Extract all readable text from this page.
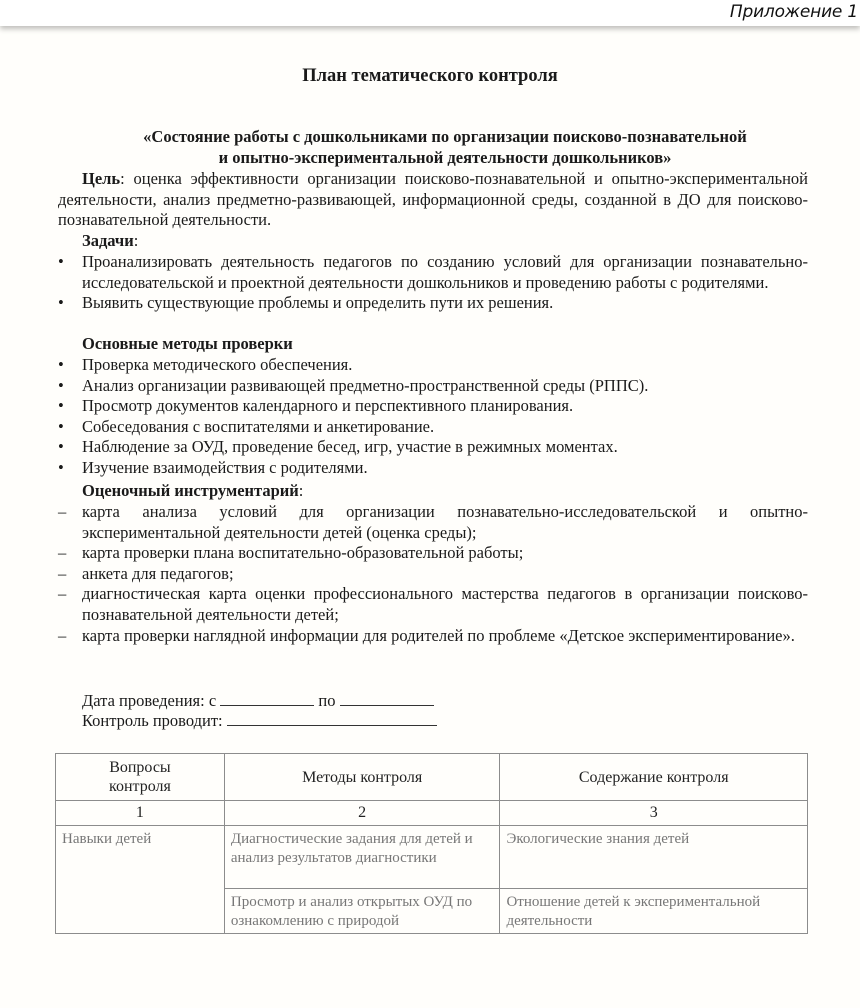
Приложение 1
План тематического контроля
«Состояние работы с дошкольниками по организации поисково-познавательной
и опытно-экспериментальной деятельности дошкольников»
Цель: оценка эффективности организации поисково-познавательной и опытно-экспериментальной деятельности, анализ предметно-развивающей, информационной среды, созданной в ДО для поисково-познавательной деятельности.
Задачи:
• Проанализировать деятельность педагогов по созданию условий для организации познавательно-исследовательской и проектной деятельности дошкольников и проведению работы с родителями.
• Выявить существующие проблемы и определить пути их решения.
Основные методы проверки
• Проверка методического обеспечения.
• Анализ организации развивающей предметно-пространственной среды (РППС).
• Просмотр документов календарного и перспективного планирования.
• Собеседования с воспитателями и анкетирование.
• Наблюдение за ОУД, проведение бесед, игр, участие в режимных моментах.
• Изучение взаимодействия с родителями.
Оценочный инструментарий:
– карта анализа условий для организации познавательно-исследовательской и опытно-экспериментальной деятельности детей (оценка среды);
– карта проверки плана воспитательно-образовательной работы;
– анкета для педагогов;
– диагностическая карта оценки профессионального мастерства педагогов в организации поисково-познавательной деятельности детей;
– карта проверки наглядной информации для родителей по проблеме «Детское экспериментирование».
Дата проведения: с	по
Контроль проводит:
Вопросы контроля	Методы контроля	Содержание контроля
1	2	3
Навыки детей	Диагностические задания для детей и анализ результатов диагностики	Экологические знания детей
	Просмотр и анализ открытых ОУД по ознакомлению с природой	Отношение детей к экспериментальной деятельности
